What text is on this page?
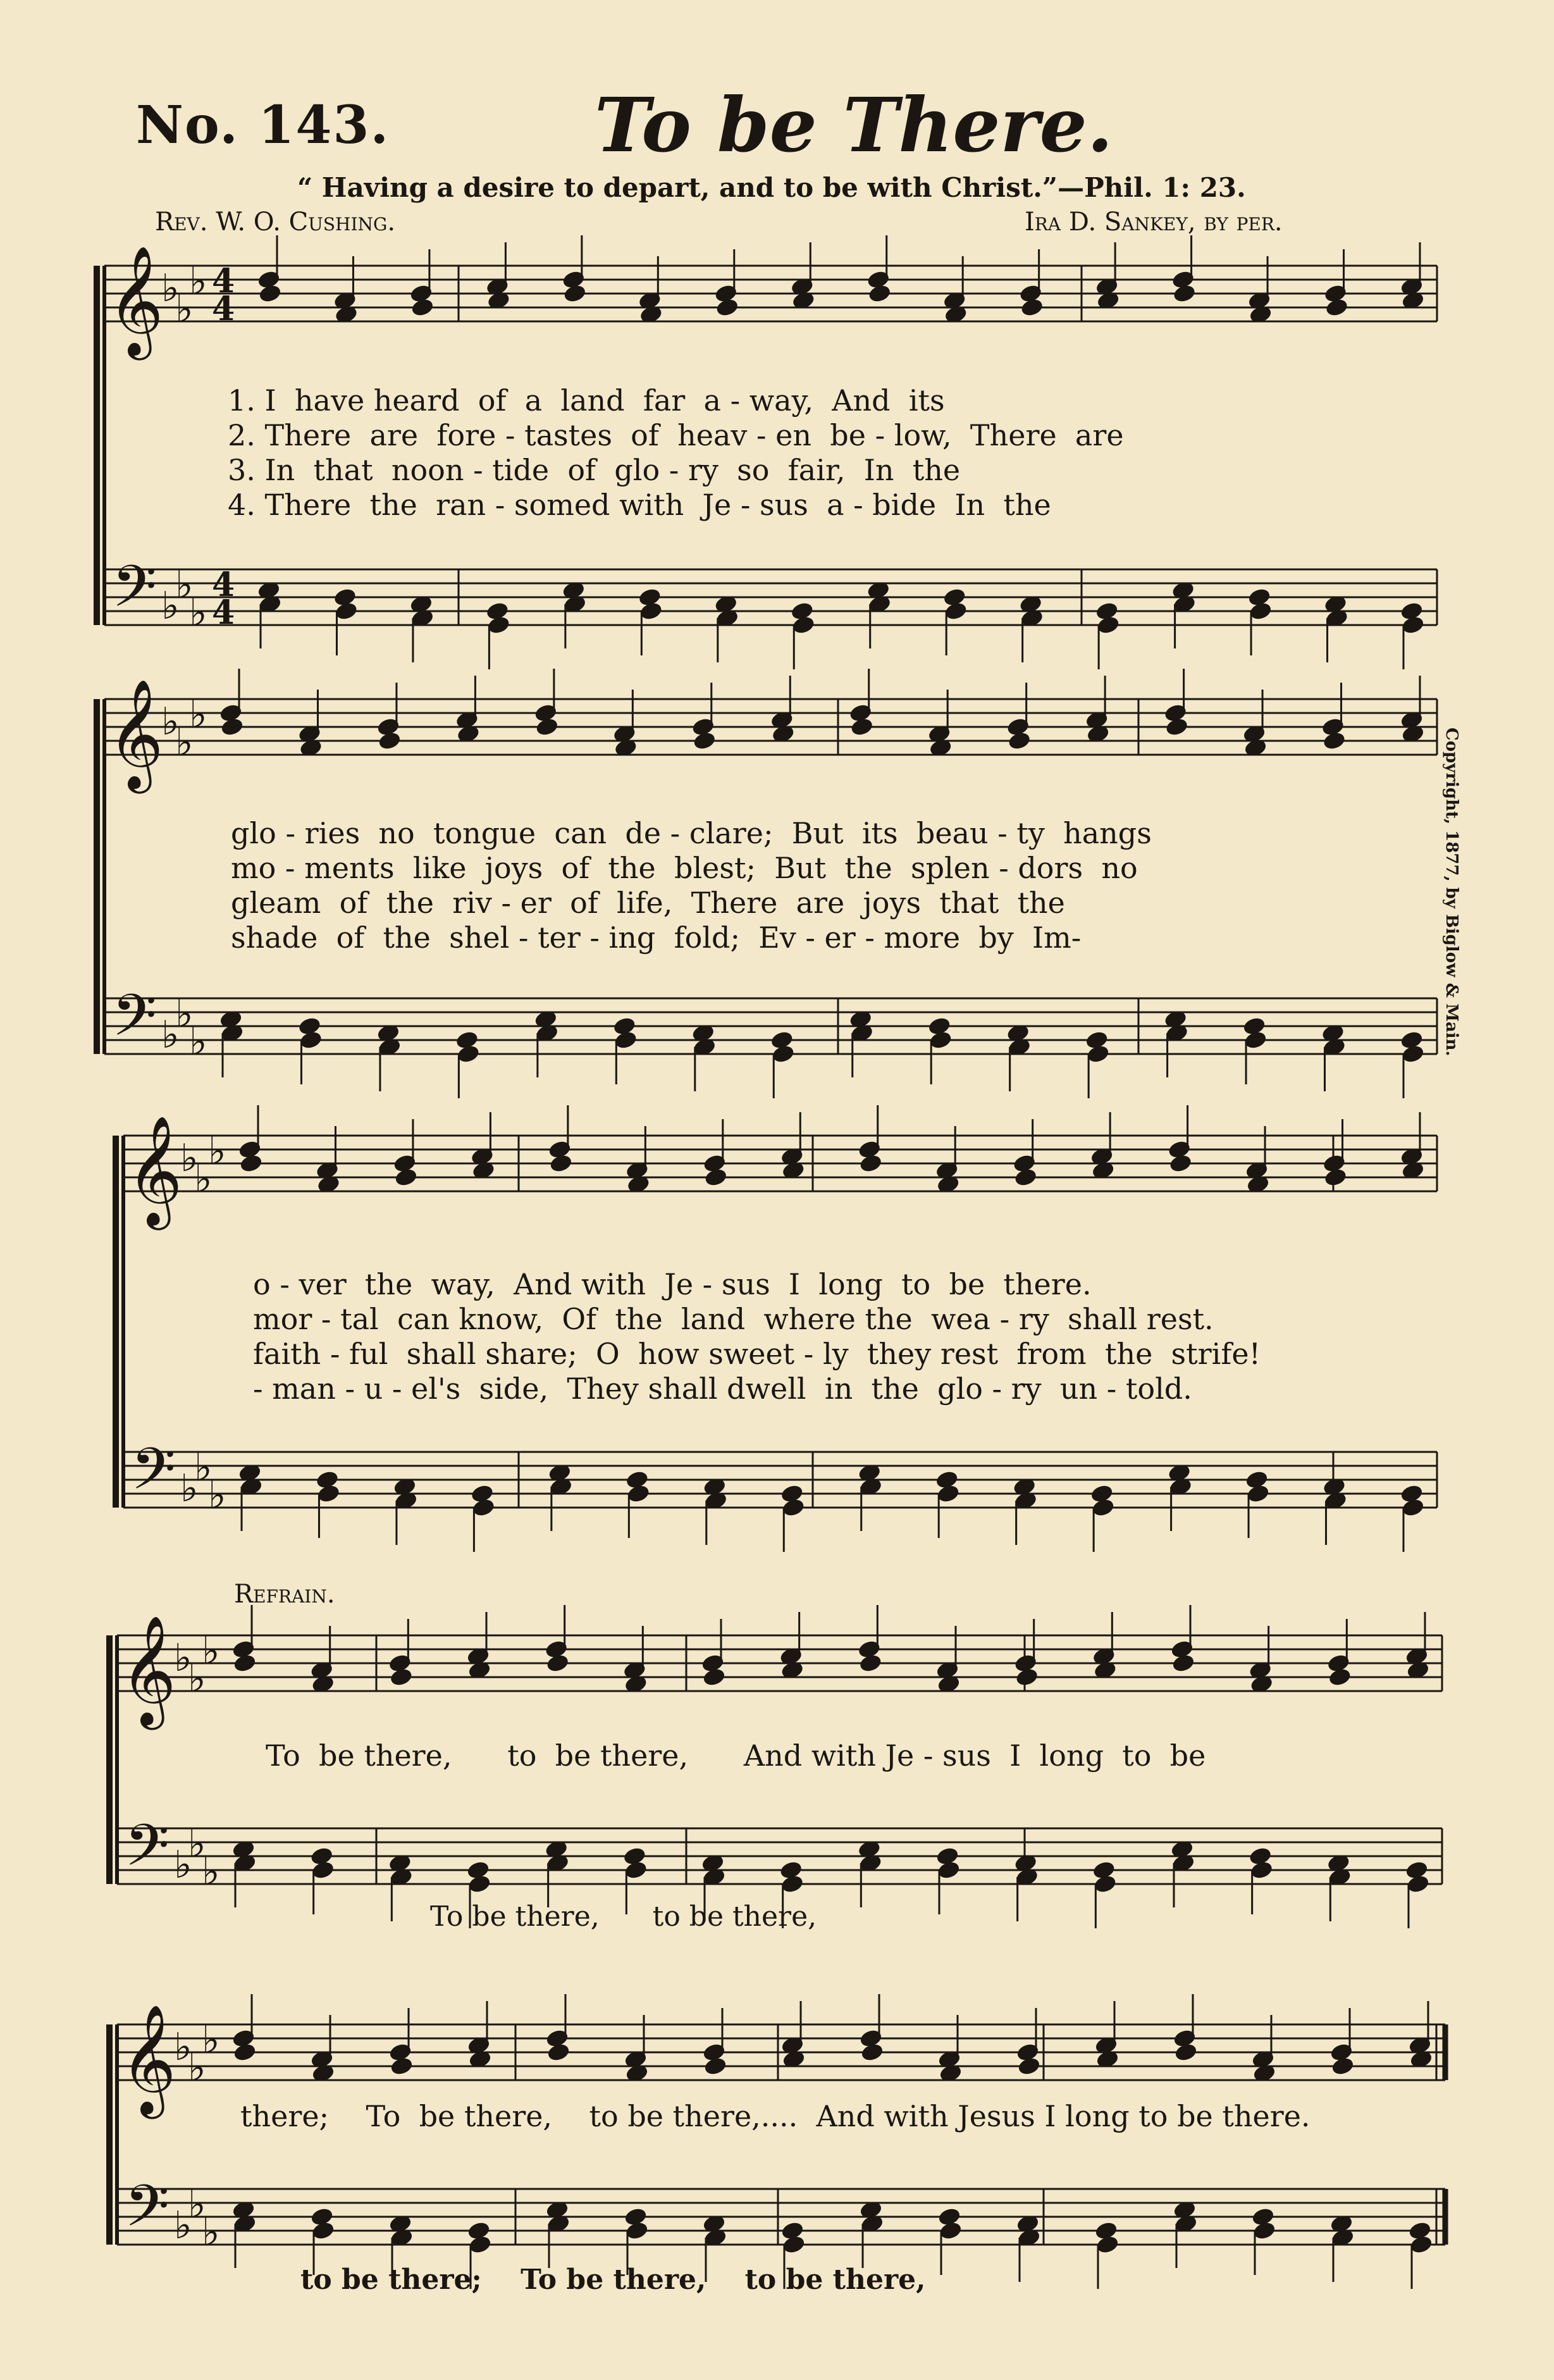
No. 143.	To be There.
“ Having a desire to depart, and to be with Christ.”—Phil. 1: 23.
Rev. W. O. Cushing.	Ira D. Sankey, by per.
Copyright, 1877, by Biglow & Main.
Refrain.
𝄞
𝄢
♭
♭
♭
♭
♭
♭
4
4
4
4
𝄞
𝄢
♭
♭
♭
♭
♭
♭
𝄞
𝄢
♭
♭
♭
♭
♭
♭
𝄞
𝄢
♭
♭
♭
♭
♭
♭
𝄞
𝄢
♭
♭
♭
♭
♭
♭
1. I  have heard  of  a  land  far  a - way,  And  its
2. There  are  fore - tastes  of  heav - en  be - low,  There  are
3. In  that  noon - tide  of  glo - ry  so  fair,  In  the
4. There  the  ran - somed with  Je - sus  a - bide  In  the
glo - ries  no  tongue  can  de - clare;  But  its  beau - ty  hangs
mo - ments  like  joys  of  the  blest;  But  the  splen - dors  no
gleam  of  the  riv - er  of  life,  There  are  joys  that  the
shade  of  the  shel - ter - ing  fold;  Ev - er - more  by  Im-
o - ver  the  way,  And with  Je - sus  I  long  to  be  there.
mor - tal  can know,  Of  the  land  where the  wea - ry  shall rest.
faith - ful  shall share;  O  how sweet - ly  they rest  from  the  strife!
- man - u - el's  side,  They shall dwell  in  the  glo - ry  un - told.
To  be there,      to  be there,      And with Je - sus  I  long  to  be
To be there,      to be there,
there;    To  be there,    to be there,....  And with Jesus I long to be there.
to be there;    To be there,    to be there,
